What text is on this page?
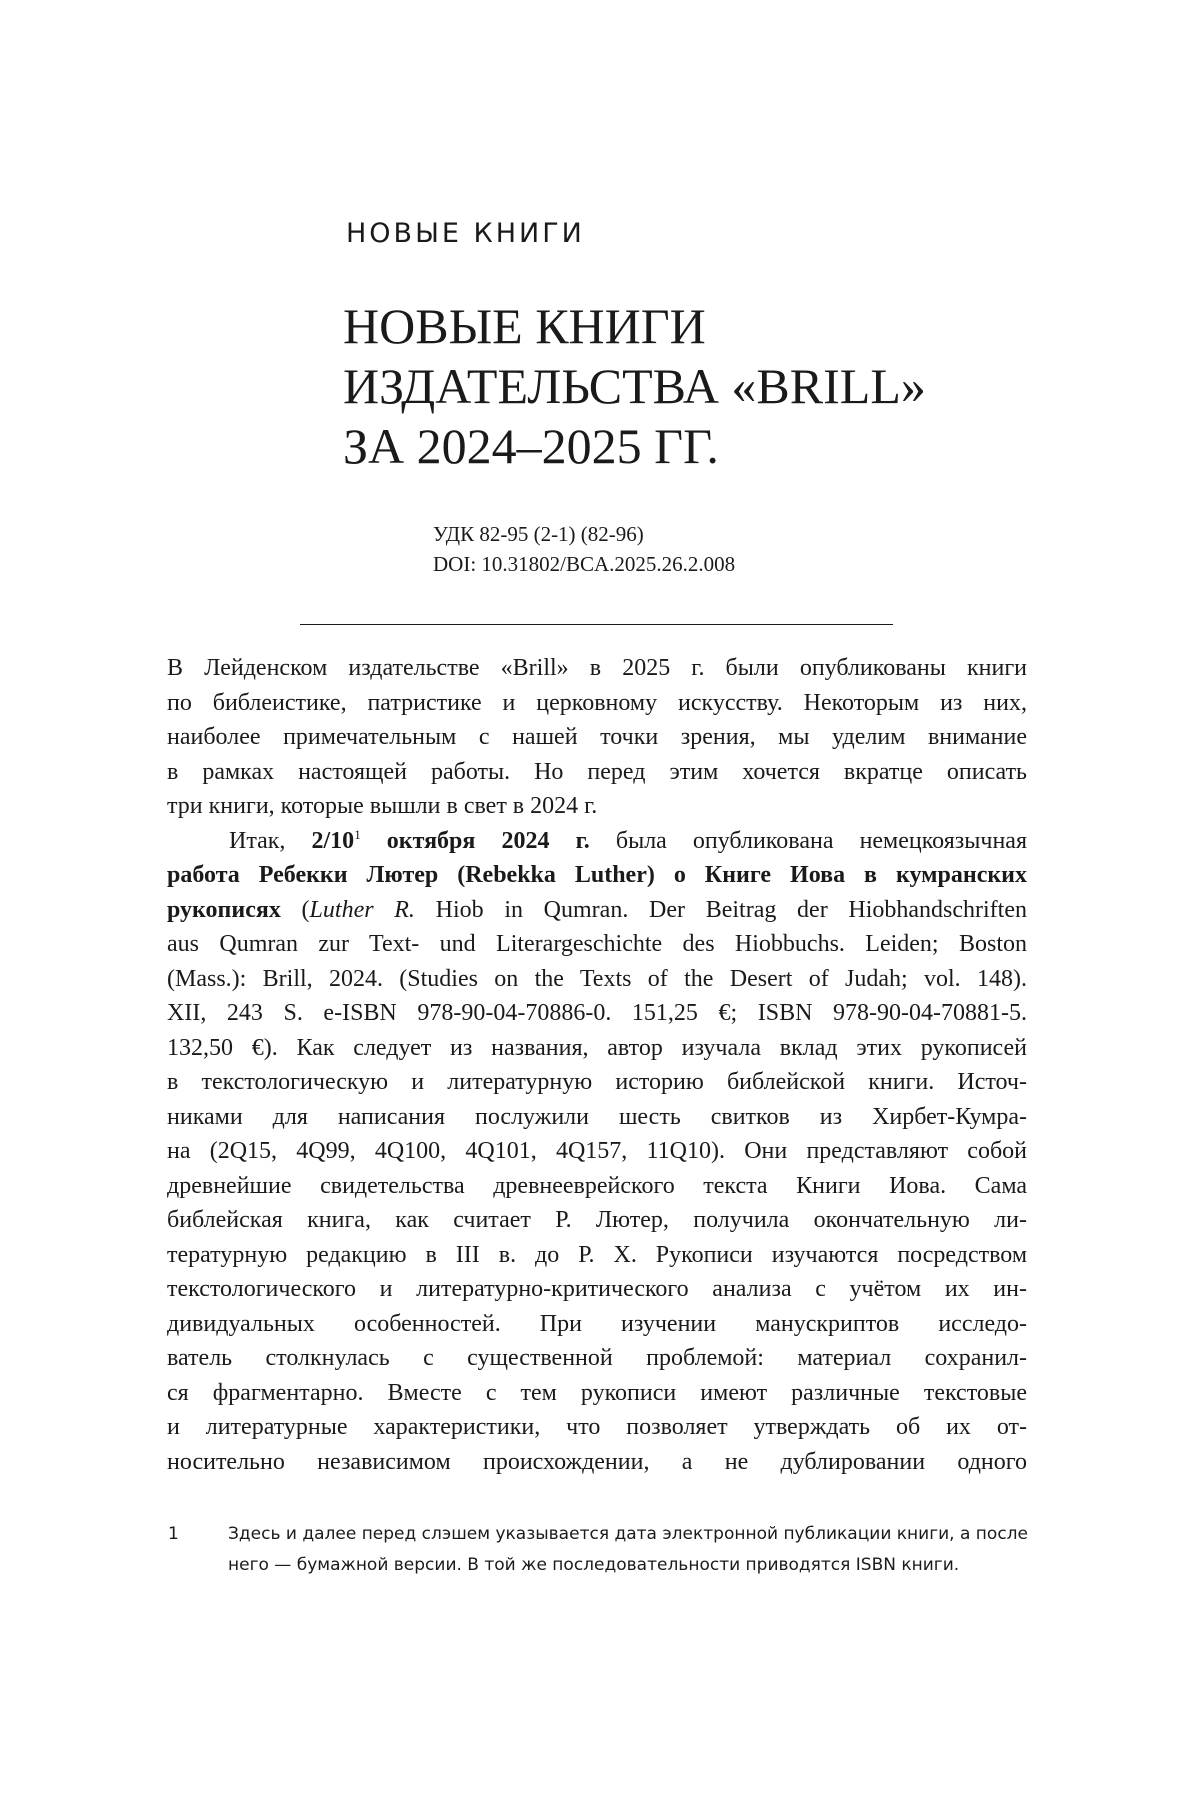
НОВЫЕ КНИГИ
НОВЫЕ КНИГИ
ИЗДАТЕЛЬСТВА «BRILL»
ЗА 2024–2025 ГГ.
УДК 82-95 (2-1) (82-96)
DOI: 10.31802/BCA.2025.26.2.008
В Лейденском издательстве «Brill» в 2025 г. были опубликованы книги
по библеистике, патристике и церковному искусству. Некоторым из них,
наиболее примечательным с нашей точки зрения, мы уделим внимание
в рамках настоящей работы. Но перед этим хочется вкратце описать
три книги, которые вышли в свет в 2024 г.
Итак, $2/10^1$ октября 2024 г. была опубликована немецкоязычная
работа Ребекки Лютер (Rebekka Luther) о Книге Иова в кумранских
рукописях (Luther R. Hiob in Qumran. Der Beitrag der Hiobhandschriften
aus Qumran zur Text- und Literargeschichte des Hiobbuchs. Leiden; Boston
(Mass.): Brill, 2024. (Studies on the Texts of the Desert of Judah; vol. 148).
XII, 243 S. e-ISBN 978-90-04-70886-0. 151,25 €; ISBN 978-90-04-70881-5.
132,50 €). Как следует из названия, автор изучала вклад этих рукописей
в текстологическую и литературную историю библейской книги. Источ-
никами для написания послужили шесть свитков из Хирбет-Кумра-
на (2Q15, 4Q99, 4Q100, 4Q101, 4Q157, 11Q10). Они представляют собой
древнейшие свидетельства древнееврейского текста Книги Иова. Сама
библейская книга, как считает Р. Лютер, получила окончательную ли-
тературную редакцию в III в. до Р. Х. Рукописи изучаются посредством
текстологического и литературно-критического анализа с учётом их ин-
дивидуальных особенностей. При изучении манускриптов исследо-
ватель столкнулась с существенной проблемой: материал сохранил-
ся фрагментарно. Вместе с тем рукописи имеют различные текстовые
и литературные характеристики, что позволяет утверждать об их от-
носительно независимом происхождении, а не дублировании одного
1	Здесь и далее перед слэшем указывается дата электронной публикации книги, а после
него — бумажной версии. В той же последовательности приводятся ISBN книги.
